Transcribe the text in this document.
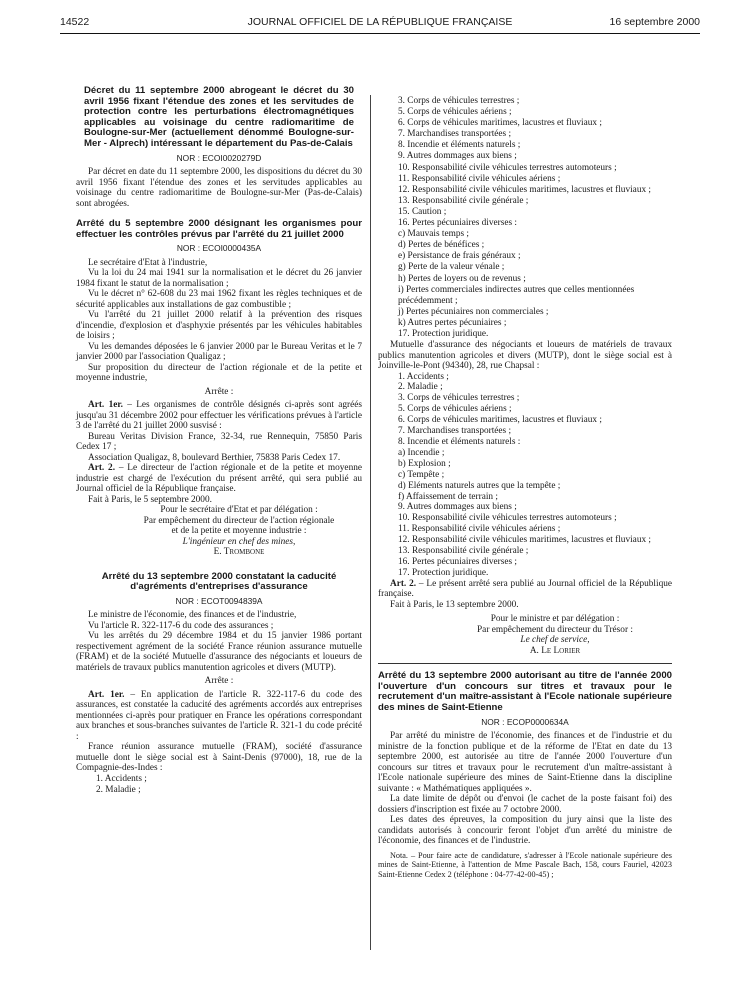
14522	JOURNAL OFFICIEL DE LA RÉPUBLIQUE FRANÇAISE	16 septembre 2000

Décret du 11 septembre 2000 abrogeant le décret du 30 avril 1956 fixant l'étendue des zones et les servitudes de protection contre les perturbations électromagnétiques applicables au voisinage du centre radiomaritime de Boulogne-sur-Mer (actuellement dénommé Boulogne-sur-Mer - Alprech) intéressant le département du Pas-de-Calais

NOR : ECOI0020279D

Par décret en date du 11 septembre 2000, les dispositions du décret du 30 avril 1956 fixant l'étendue des zones et les servitudes applicables au voisinage du centre radiomaritime de Boulogne-sur-Mer (Pas-de-Calais) sont abrogées.

Arrêté du 5 septembre 2000 désignant les organismes pour effectuer les contrôles prévus par l'arrêté du 21 juillet 2000

NOR : ECOI0000435A

Le secrétaire d'Etat à l'industrie,

Vu la loi du 24 mai 1941 sur la normalisation et le décret du 26 janvier 1984 fixant le statut de la normalisation ;

Vu le décret n° 62-608 du 23 mai 1962 fixant les règles techniques et de sécurité applicables aux installations de gaz combustible ;

Vu l'arrêté du 21 juillet 2000 relatif à la prévention des risques d'incendie, d'explosion et d'asphyxie présentés par les véhicules habitables de loisirs ;

Vu les demandes déposées le 6 janvier 2000 par le Bureau Veritas et le 7 janvier 2000 par l'association Qualigaz ;

Sur proposition du directeur de l'action régionale et de la petite et moyenne industrie,

Arrête :

Art. 1er. – Les organismes de contrôle désignés ci-après sont agréés jusqu'au 31 décembre 2002 pour effectuer les vérifications prévues à l'article 3 de l'arrêté du 21 juillet 2000 susvisé :

Bureau Veritas Division France, 32-34, rue Rennequin, 75850 Paris Cedex 17 ;

Association Qualigaz, 8, boulevard Berthier, 75838 Paris Cedex 17.

Art. 2. – Le directeur de l'action régionale et de la petite et moyenne industrie est chargé de l'exécution du présent arrêté, qui sera publié au Journal officiel de la République française.

Fait à Paris, le 5 septembre 2000.

Pour le secrétaire d'Etat et par délégation :

Par empêchement du directeur de l'action régionale

et de la petite et moyenne industrie :

L'ingénieur en chef des mines,

E. Trombone

Arrêté du 13 septembre 2000 constatant la caducité d'agréments d'entreprises d'assurance

NOR : ECOT0094839A

Le ministre de l'économie, des finances et de l'industrie,

Vu l'article R. 322-117-6 du code des assurances ;

Vu les arrêtés du 29 décembre 1984 et du 15 janvier 1986 portant respectivement agrément de la société France réunion assurance mutuelle (FRAM) et de la société Mutuelle d'assurance des négociants et loueurs de matériels de travaux publics manutention agricoles et divers (MUTP).

Arrête :

Art. 1er. – En application de l'article R. 322-117-6 du code des assurances, est constatée la caducité des agréments accordés aux entreprises mentionnées ci-après pour pratiquer en France les opérations correspondant aux branches et sous-branches suivantes de l'article R. 321-1 du code précité :

France réunion assurance mutuelle (FRAM), société d'assurance mutuelle dont le siège social est à Saint-Denis (97000), 18, rue de la Compagnie-des-Indes :

1. Accidents ;
2. Maladie ;
3. Corps de véhicules terrestres ;
5. Corps de véhicules aériens ;
6. Corps de véhicules maritimes, lacustres et fluviaux ;
7. Marchandises transportées ;
8. Incendie et éléments naturels ;
9. Autres dommages aux biens ;
10. Responsabilité civile véhicules terrestres automoteurs ;
11. Responsabilité civile véhicules aériens ;
12. Responsabilité civile véhicules maritimes, lacustres et fluviaux ;
13. Responsabilité civile générale ;
15. Caution ;
16. Pertes pécuniaires diverses :
c) Mauvais temps ;
d) Pertes de bénéfices ;
e) Persistance de frais généraux ;
g) Perte de la valeur vénale ;
h) Pertes de loyers ou de revenus ;
i) Pertes commerciales indirectes autres que celles mentionnées précédemment ;
j) Pertes pécuniaires non commerciales ;
k) Autres pertes pécuniaires ;
17. Protection juridique.

Mutuelle d'assurance des négociants et loueurs de matériels de travaux publics manutention agricoles et divers (MUTP), dont le siège social est à Joinville-le-Pont (94340), 28, rue Chapsal :

1. Accidents ;
2. Maladie ;
3. Corps de véhicules terrestres ;
5. Corps de véhicules aériens ;
6. Corps de véhicules maritimes, lacustres et fluviaux ;
7. Marchandises transportées ;
8. Incendie et éléments naturels :
a) Incendie ;
b) Explosion ;
c) Tempête ;
d) Eléments naturels autres que la tempête ;
f) Affaissement de terrain ;
9. Autres dommages aux biens ;
10. Responsabilité civile véhicules terrestres automoteurs ;
11. Responsabilité civile véhicules aériens ;
12. Responsabilité civile véhicules maritimes, lacustres et fluviaux ;
13. Responsabilité civile générale ;
16. Pertes pécuniaires diverses ;
17. Protection juridique.

Art. 2. – Le présent arrêté sera publié au Journal officiel de la République française.

Fait à Paris, le 13 septembre 2000.

Pour le ministre et par délégation :

Par empêchement du directeur du Trésor :

Le chef de service,

A. Le Lorier

Arrêté du 13 septembre 2000 autorisant au titre de l'année 2000 l'ouverture d'un concours sur titres et travaux pour le recrutement d'un maître-assistant à l'Ecole nationale supérieure des mines de Saint-Etienne

NOR : ECOP0000634A

Par arrêté du ministre de l'économie, des finances et de l'industrie et du ministre de la fonction publique et de la réforme de l'Etat en date du 13 septembre 2000, est autorisée au titre de l'année 2000 l'ouverture d'un concours sur titres et travaux pour le recrutement d'un maître-assistant à l'Ecole nationale supérieure des mines de Saint-Etienne dans la discipline suivante : « Mathématiques appliquées ».

La date limite de dépôt ou d'envoi (le cachet de la poste faisant foi) des dossiers d'inscription est fixée au 7 octobre 2000.

Les dates des épreuves, la composition du jury ainsi que la liste des candidats autorisés à concourir feront l'objet d'un arrêté du ministre de l'économie, des finances et de l'industrie.

Nota. – Pour faire acte de candidature, s'adresser à l'Ecole nationale supérieure des mines de Saint-Etienne, à l'attention de Mme Pascale Bach, 158, cours Fauriel, 42023 Saint-Etienne Cedex 2 (téléphone : 04-77-42-00-45) ;
